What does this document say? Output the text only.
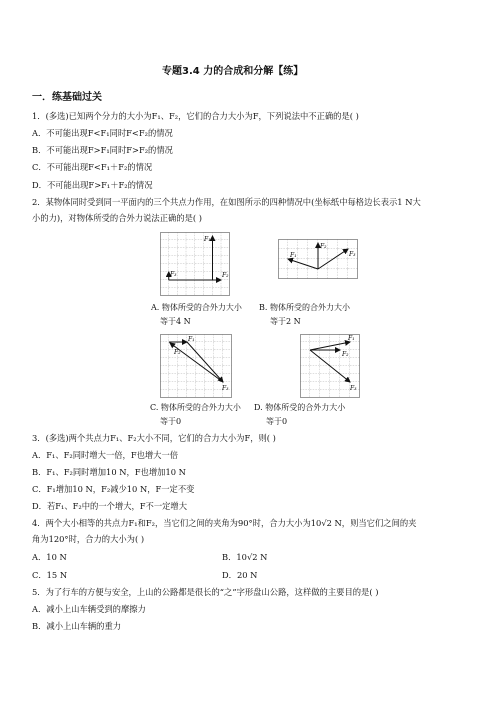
专题3.4 力的合成和分解【练】
一．练基础过关
1．(多选)已知两个分力的大小为F₁、F₂，它们的合力大小为F，下列说法中不正确的是( )
A．不可能出现F<F₁同时F<F₂的情况
B．不可能出现F>F₁同时F>F₂的情况
C．不可能出现F<F₁＋F₂的情况
D．不可能出现F>F₁＋F₂的情况
2．某物体同时受到同一平面内的三个共点力作用，在如图所示的四种情况中(坐标纸中每格边长表示1 N大
小的力)，对物体所受的合外力说法正确的是( )
F₃
F₁
F₂
A. 物体所受的合外力大小
等于4 N
F₁
F₂
F₃
B. 物体所受的合外力大小
等于2 N
F₁
F₂
F₃
C. 物体所受的合外力大小
等于0
F₁
F₂
F₃
D. 物体所受的合外力大小
等于0
3．(多选)两个共点力F₁、F₂大小不同，它们的合力大小为F，则( )
A．F₁、F₂同时增大一倍，F也增大一倍
B．F₁、F₂同时增加10 N，F也增加10 N
C．F₁增加10 N，F₂减少10 N，F一定不变
D．若F₁、F₂中的一个增大，F不一定增大
4．两个大小相等的共点力F₁和F₂，当它们之间的夹角为90°时，合力大小为10√2 N，则当它们之间的夹
角为120°时，合力的大小为( )
A．10 N	B．10√2 N
C．15 N	D．20 N
5．为了行车的方便与安全，上山的公路都是很长的“之”字形盘山公路，这样做的主要目的是( )
A．减小上山车辆受到的摩擦力
B．减小上山车辆的重力
